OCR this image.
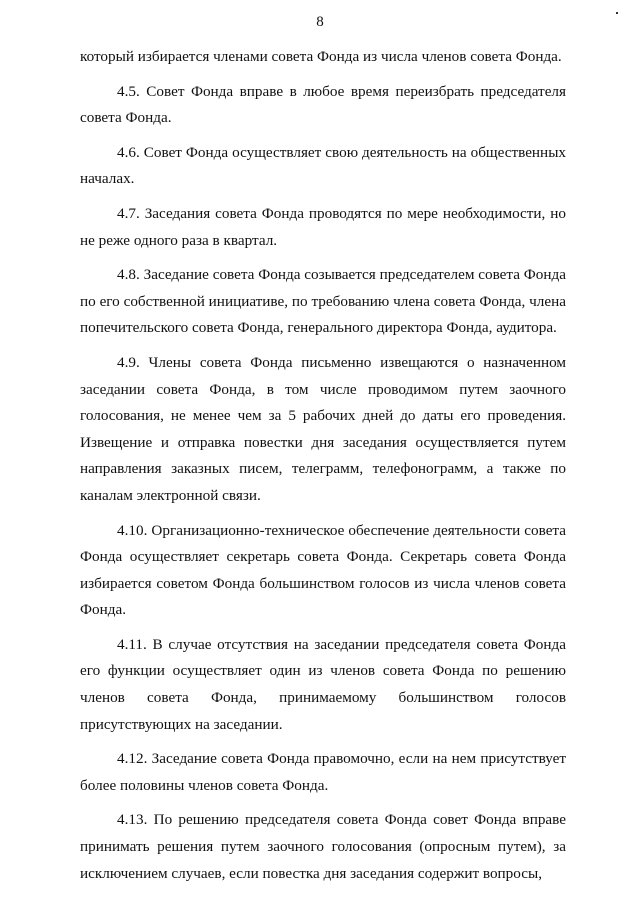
8

который избирается членами совета Фонда из числа членов совета Фонда.

4.5. Совет Фонда вправе в любое время переизбрать председателя совета Фонда.

4.6. Совет Фонда осуществляет свою деятельность на общественных началах.

4.7. Заседания совета Фонда проводятся по мере необходимости, но не реже одного раза в квартал.

4.8. Заседание совета Фонда созывается председателем совета Фонда по его собственной инициативе, по требованию члена совета Фонда, члена попечительского совета Фонда, генерального директора Фонда, аудитора.

4.9. Члены совета Фонда письменно извещаются о назначенном заседании совета Фонда, в том числе проводимом путем заочного голосования, не менее чем за 5 рабочих дней до даты его проведения. Извещение и отправка повестки дня заседания осуществляется путем направления заказных писем, телеграмм, телефонограмм, а также по каналам электронной связи.

4.10. Организационно-техническое обеспечение деятельности совета Фонда осуществляет секретарь совета Фонда. Секретарь совета Фонда избирается советом Фонда большинством голосов из числа членов совета Фонда.

4.11. В случае отсутствия на заседании председателя совета Фонда его функции осуществляет один из членов совета Фонда по решению членов совета Фонда, принимаемому большинством голосов присутствующих на заседании.

4.12. Заседание совета Фонда правомочно, если на нем присутствует более половины членов совета Фонда.

4.13. По решению председателя совета Фонда совет Фонда вправе принимать решения путем заочного голосования (опросным путем), за исключением случаев, если повестка дня заседания содержит вопросы,
